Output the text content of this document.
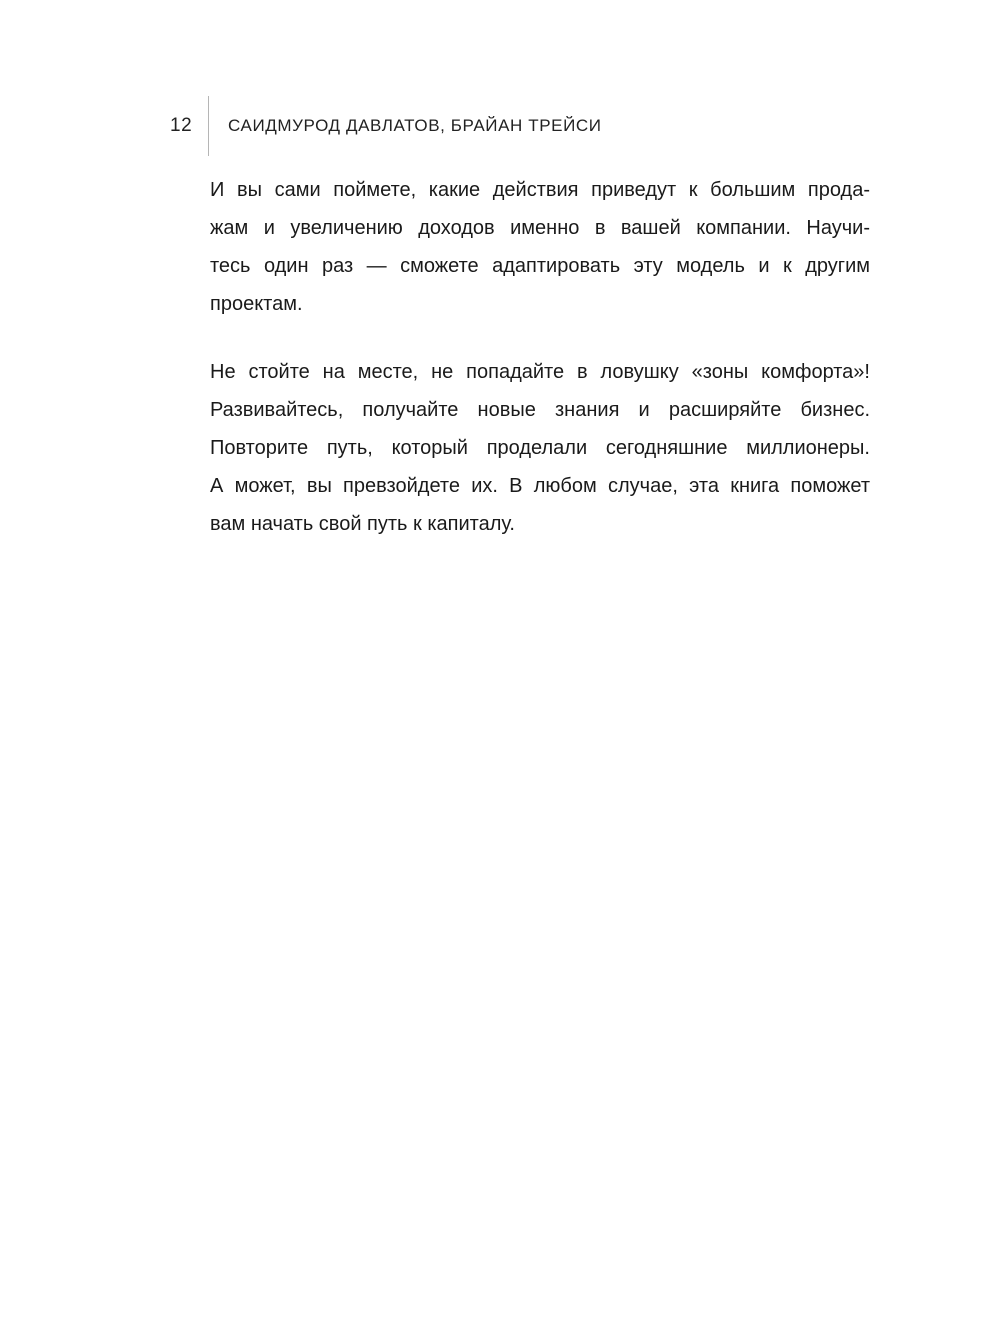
12 САИДМУРОД ДАВЛАТОВ, БРАЙАН ТРЕЙСИ

И вы сами поймете, какие действия приведут к большим прода-
жам и увеличению доходов именно в вашей компании. Научи-
тесь один раз — сможете адаптировать эту модель и к другим
проектам.

Не стойте на месте, не попадайте в ловушку «зоны комфорта»!
Развивайтесь, получайте новые знания и расширяйте бизнес.
Повторите путь, который проделали сегодняшние миллионеры.
А может, вы превзойдете их. В любом случае, эта книга поможет
вам начать свой путь к капиталу.
